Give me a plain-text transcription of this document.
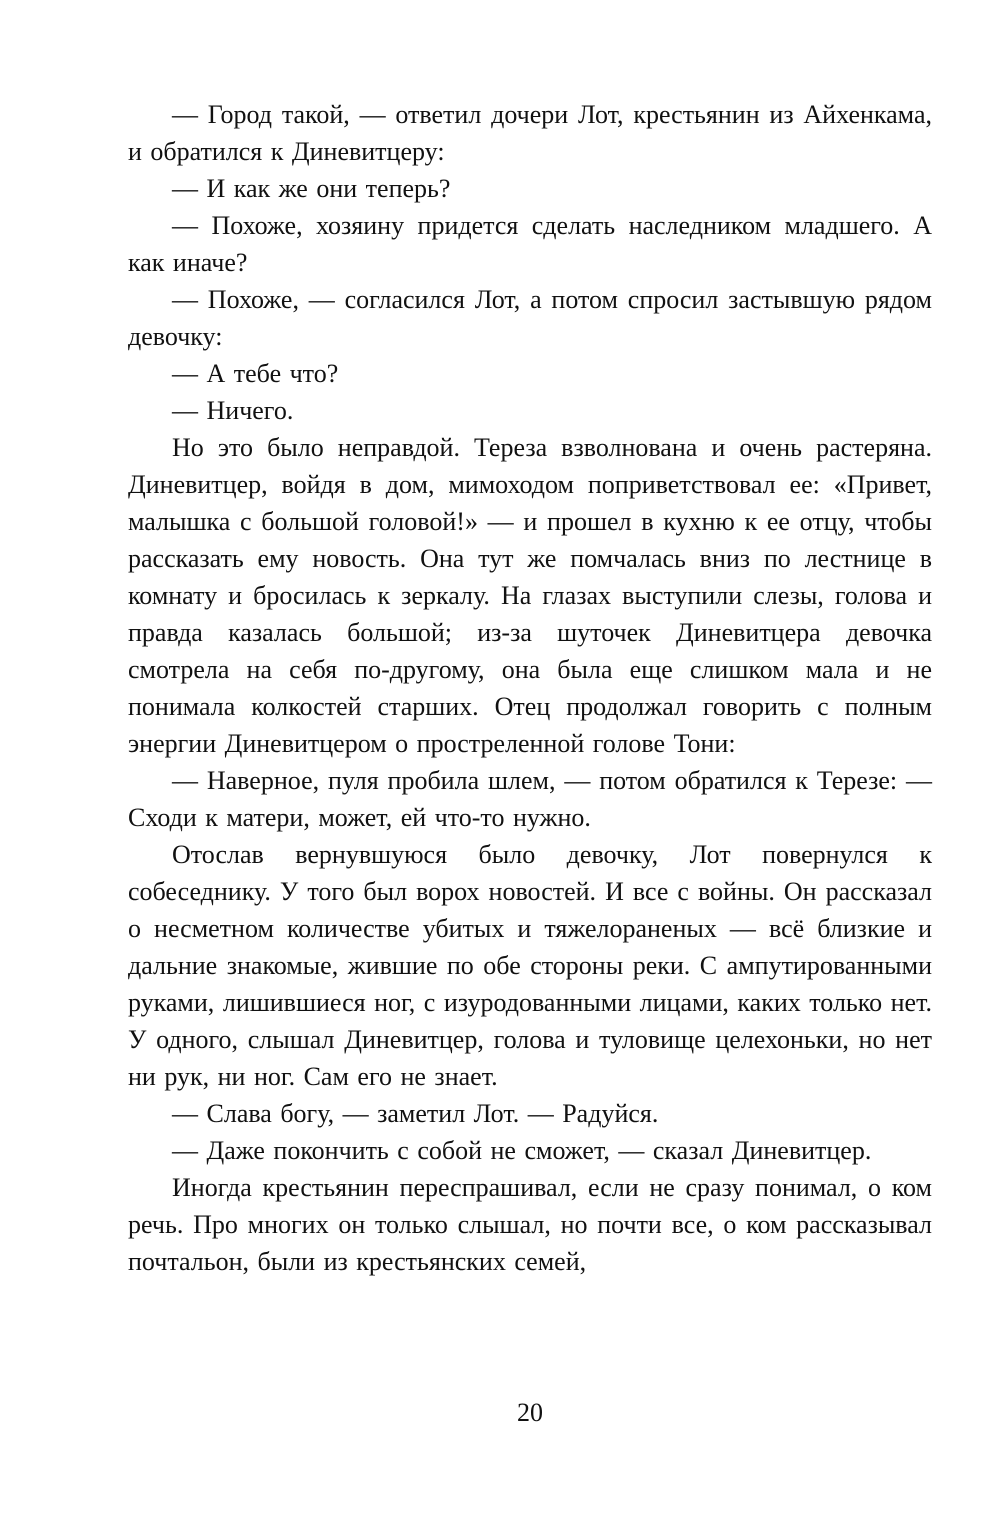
— Город такой, — ответил дочери Лот, крестьянин из Айхенкама, и обратился к Диневитцеру:

— И как же они теперь?

— Похоже, хозяину придется сделать наследником младшего. А как иначе?

— Похоже, — согласился Лот, а потом спросил застывшую рядом девочку:

— А тебе что?

— Ничего.

Но это было неправдой. Тереза взволнована и очень растеряна. Диневитцер, войдя в дом, мимоходом поприветствовал ее: «Привет, малышка с большой головой!» — и прошел в кухню к ее отцу, чтобы рассказать ему новость. Она тут же помчалась вниз по лестнице в комнату и бросилась к зеркалу. На глазах выступили слезы, голова и правда казалась большой; из-за шуточек Диневитцера девочка смотрела на себя по-другому, она была еще слишком мала и не понимала колкостей старших. Отец продолжал говорить с полным энергии Диневитцером о простреленной голове Тони:

— Наверное, пуля пробила шлем, — потом обратился к Терезе: — Сходи к матери, может, ей что-то нужно.

Отослав вернувшуюся было девочку, Лот повернулся к собеседнику. У того был ворох новостей. И все с войны. Он рассказал о несметном количестве убитых и тяжелораненых — всё близкие и дальние знакомые, жившие по обе стороны реки. С ампутированными руками, лишившиеся ног, с изуродованными лицами, каких только нет. У одного, слышал Диневитцер, голова и туловище целехоньки, но нет ни рук, ни ног. Сам его не знает.

— Слава богу, — заметил Лот. — Радуйся.

— Даже покончить с собой не сможет, — сказал Диневитцер.

Иногда крестьянин переспрашивал, если не сразу понимал, о ком речь. Про многих он только слышал, но почти все, о ком рассказывал почтальон, были из крестьянских семей,

20
